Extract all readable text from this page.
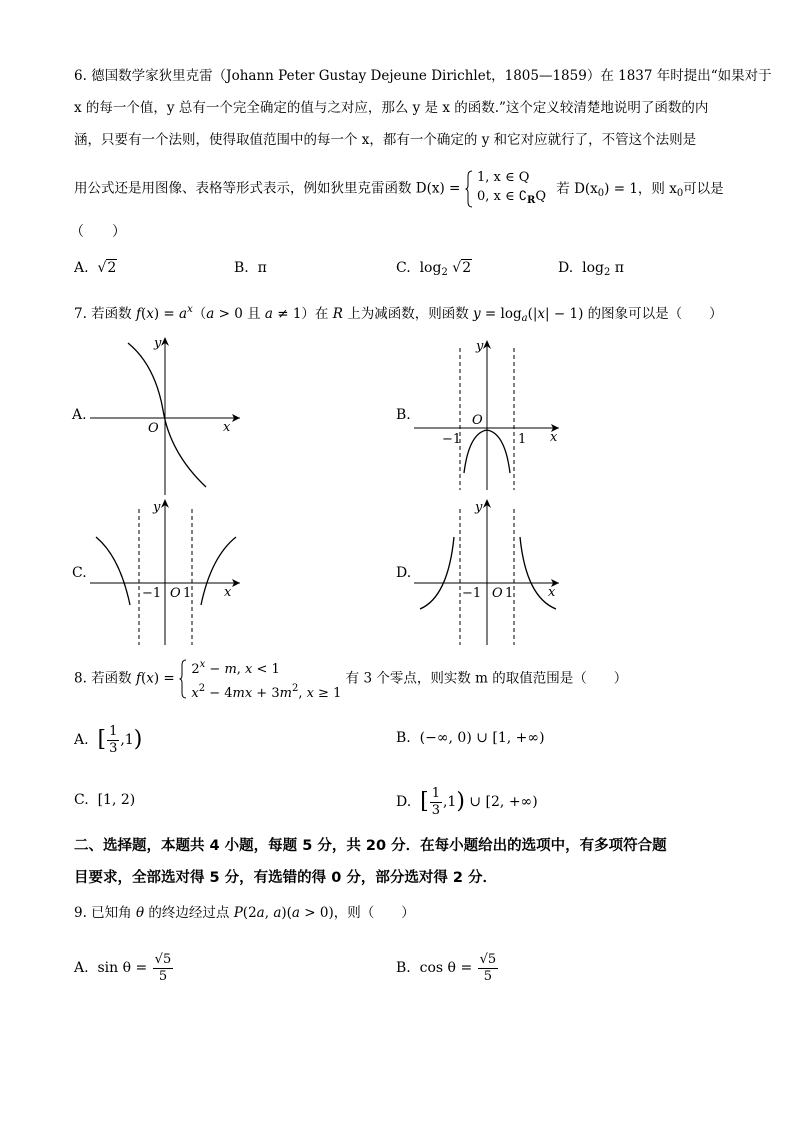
6. 德国数学家狄里克雷（Johann Peter Gustay Dejeune Dirichlet，1805—1859）在 1837 年时提出“如果对于
x 的每一个值，y 总有一个完全确定的值与之对应，那么 y 是 x 的函数.”这个定义较清楚地说明了函数的内
涵，只要有一个法则，使得取值范围中的每一个 x，都有一个确定的 y 和它对应就行了，不管这个法则是
用公式还是用图像、表格等形式表示，例如狄里克雷函数 D(x) =
1, x ∈ Q
0, x ∈ $∁_RQ$ 若 $D(x_0) = 1$，则 $x_0$可以是
（　　）
A. √2	B. π	C.  $\log_2 √2$	D.  $\log_2 \pi$
7. 若函数 $f(x) = a^x(a > 0$ 且 a ≠ 1）在 R 上为减函数，则函数 $y = \log_a(|x| - 1)$ 的图象可以是（　　）
A.
y
x
O
B.
y
x
O
−1	1
C.
y
x
O 1
−1
D.
y
x
O 1
−1
8. 若函数 f(x) =
$2^x - m$, x < 1
$x^2 - 4mx + 3m^2$, x ≥ 1
有 3 个零点，则实数 m 的取值范围是（　　）
A. [ $\frac{1}{3} ,1$)	B. (−∞, 0) ∪ [1, +∞)
C. [1, 2)	D. [ $\frac{1}{3} ,1$) ∪ [2, +∞)
二、选择题，本题共 4 小题，每题 5 分，共 20 分．在每小题给出的选项中，有多项符合题
目要求，全部选对得 5 分，有选错的得 0 分，部分选对得 2 分．
9. 已知角 θ 的终边经过点 P(2a, a)(a > 0)，则（　　）
A. $\sin \theta = \frac{√5}{5}$	B. $\cos \theta = \frac{√5}{5}$
